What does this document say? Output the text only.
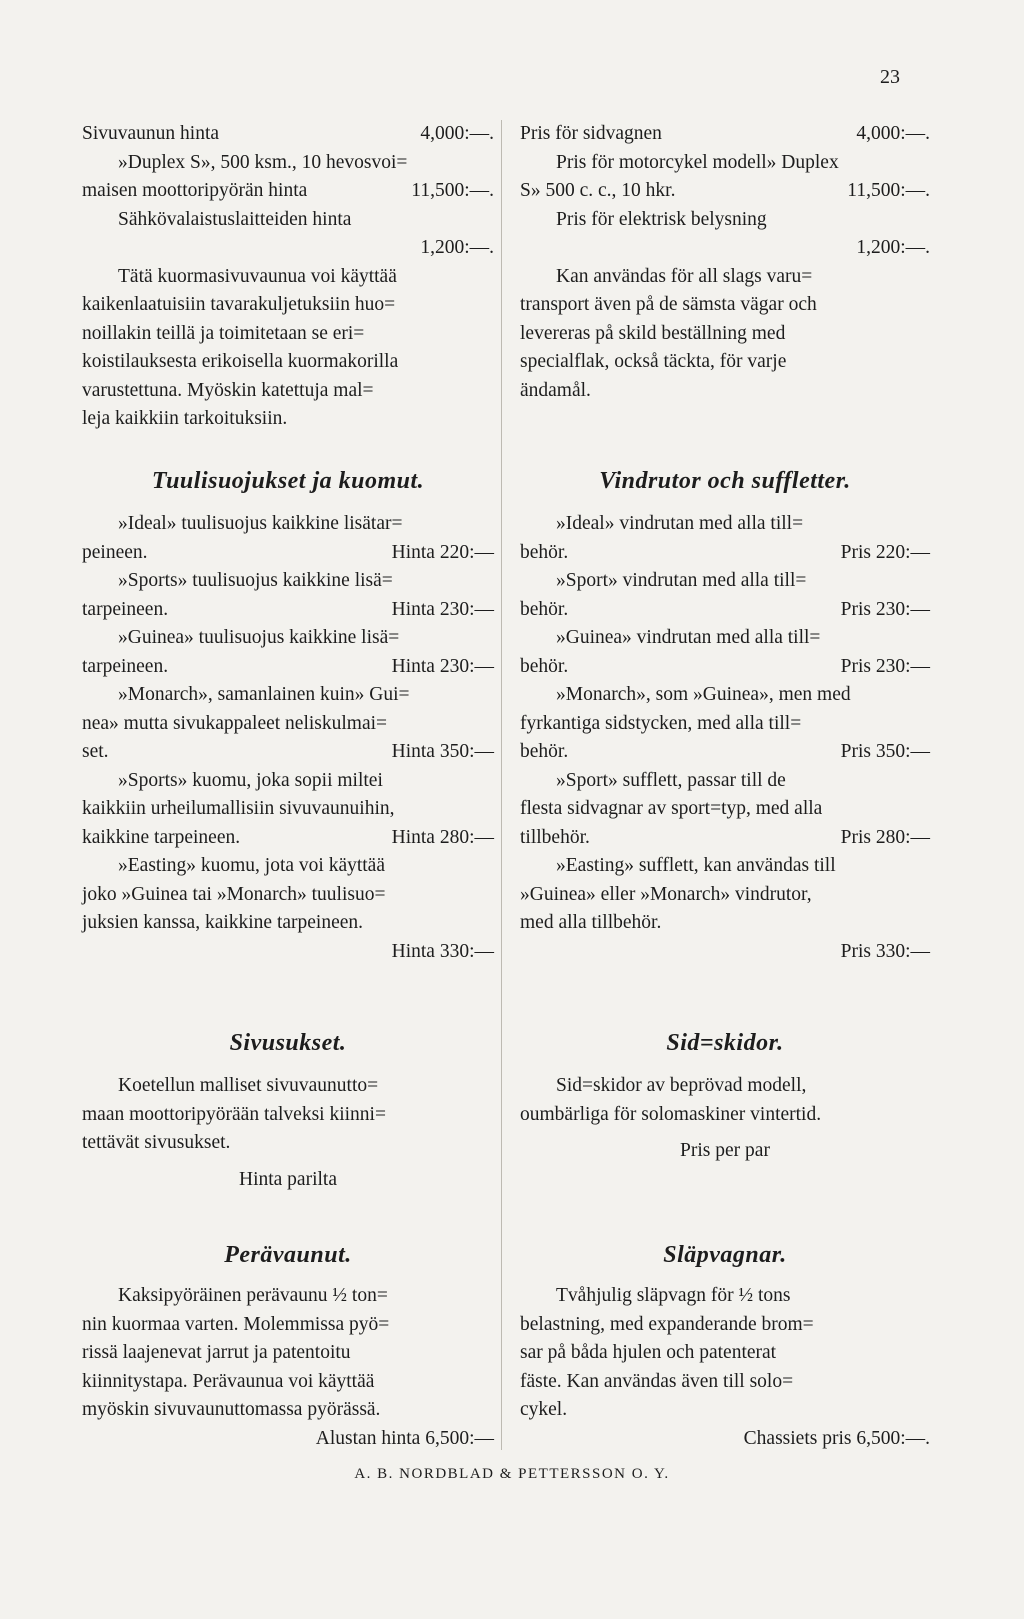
23
Sivuvaunun hinta	4,000:—.
»Duplex S», 500 ksm., 10 hevosvoi=
maisen moottoripyörän hinta	11,500:—.
Sähkövalaistuslaitteiden hinta
1,200:—.
Tätä kuormasivuvaunua voi käyttää
kaikenlaatuisiin tavarakuljetuksiin huo=
noillakin teillä ja toimitetaan se eri=
koistilauksesta erikoisella kuormakorilla
varustettuna. Myöskin katettuja mal=
leja kaikkiin tarkoituksiin.
Tuulisuojukset ja kuomut.
»Ideal» tuulisuojus kaikkine lisätar=
peineen.	Hinta 220:—
»Sports» tuulisuojus kaikkine lisä=
tarpeineen.	Hinta 230:—
»Guinea» tuulisuojus kaikkine lisä=
tarpeineen.	Hinta 230:—
»Monarch», samanlainen kuin» Gui=
nea» mutta sivukappaleet neliskulmai=
set.	Hinta 350:—
»Sports» kuomu, joka sopii miltei
kaikkiin urheilumallisiin sivuvaunuihin,
kaikkine tarpeineen.	Hinta 280:—
»Easting» kuomu, jota voi käyttää
joko »Guinea tai »Monarch» tuulisuo=
juksien kanssa, kaikkine tarpeineen.
Hinta 330:—
Sivusukset.
Koetellun malliset sivuvaunutto=
maan moottoripyörään talveksi kiinni=
tettävät sivusukset.
Hinta parilta
Perävaunut.
Kaksipyöräinen perävaunu ½ ton=
nin kuormaa varten. Molemmissa pyö=
rissä laajenevat jarrut ja patentoitu
kiinnitystapa. Perävaunua voi käyttää
myöskin sivuvaunuttomassa pyörässä.
Alustan hinta 6,500:—
Pris för sidvagnen	4,000:—.
Pris för motorcykel modell» Duplex
S» 500 c. c., 10 hkr.	11,500:—.
Pris för elektrisk belysning
1,200:—.
Kan användas för all slags varu=
transport även på de sämsta vägar och
levereras på skild beställning med
specialflak, också täckta, för varje
ändamål.
Vindrutor och suffletter.
»Ideal» vindrutan med alla till=
behör.	Pris 220:—
»Sport» vindrutan med alla till=
behör.	Pris 230:—
»Guinea» vindrutan med alla till=
behör.	Pris 230:—
»Monarch», som »Guinea», men med
fyrkantiga sidstycken, med alla till=
behör.	Pris 350:—
»Sport» sufflett, passar till de
flesta sidvagnar av sport=typ, med alla
tillbehör.	Pris 280:—
»Easting» sufflett, kan användas till
»Guinea» eller »Monarch» vindrutor,
med alla tillbehör.
Pris 330:—
Sid=skidor.
Sid=skidor av beprövad modell,
oumbärliga för solomaskiner vintertid.
Pris per par
Släpvagnar.
Tvåhjulig släpvagn för ½ tons
belastning, med expanderande brom=
sar på båda hjulen och patenterat
fäste. Kan användas även till solo=
cykel.
Chassiets pris 6,500:—.
A. B. NORDBLAD & PETTERSSON O. Y.
